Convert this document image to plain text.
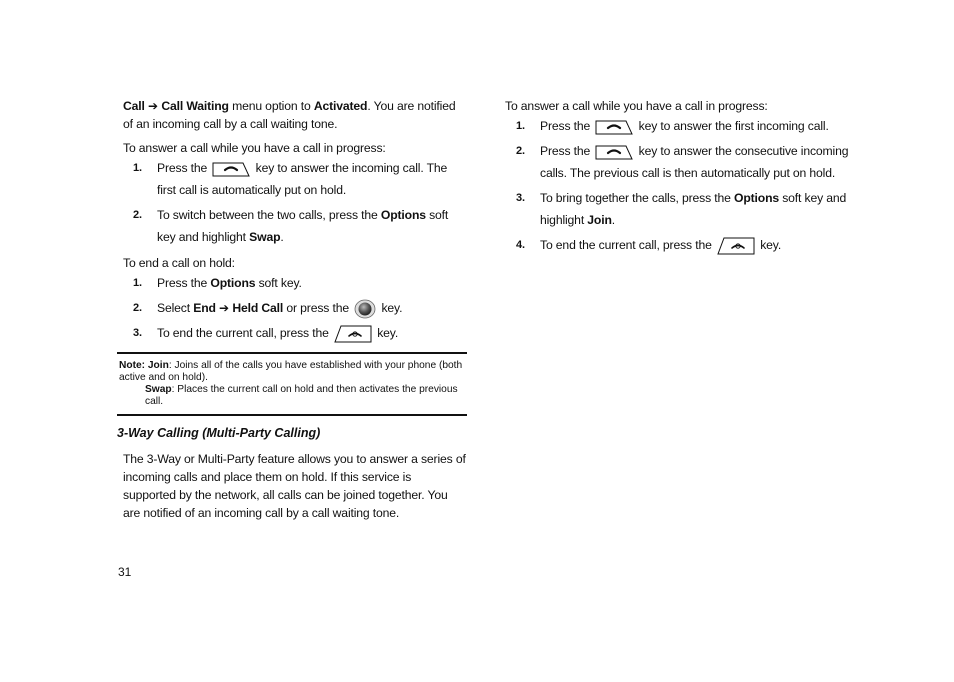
Call ➔ Call Waiting menu option to Activated. You are notified of an incoming call by a call waiting tone.

To answer a call while you have a call in progress:

1. Press the	key to answer the incoming call. The first call is automatically put on hold.
2. To switch between the two calls, press the Options soft key and highlight Swap.

To end a call on hold:

1. Press the Options soft key.
2. Select End ➔ Held Call or press the	key.
3. To end the current call, press the	key.
Note: Join: Joins all of the calls you have established with your phone (both active and on hold).
Swap: Places the current call on hold and then activates the previous call.
3-Way Calling (Multi-Party Calling)

The 3-Way or Multi-Party feature allows you to answer a series of incoming calls and place them on hold. If this service is supported by the network, all calls can be joined together. You are notified of an incoming call by a call waiting tone.

To answer a call while you have a call in progress:

1. Press the	key to answer the first incoming call.
2. Press the	key to answer the consecutive incoming calls. The previous call is then automatically put on hold.
3. To bring together the calls, press the Options soft key and highlight Join.
4. To end the current call, press the	key.
31
